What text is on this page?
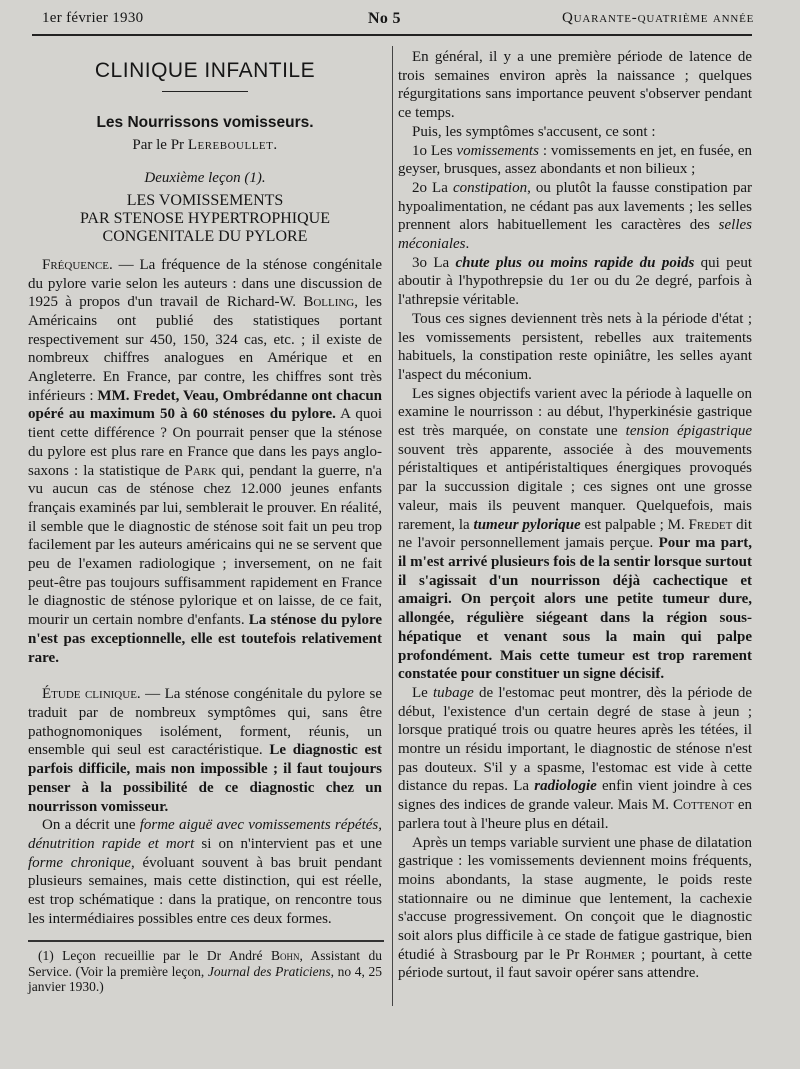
1er février 1930	No 5	Quarante-quatrième année
CLINIQUE INFANTILE
Les Nourrissons vomisseurs.
Par le Pr Lereboullet.
Deuxième leçon (1).
LES VOMISSEMENTS
PAR STENOSE HYPERTROPHIQUE
CONGENITALE DU PYLORE

Fréquence. — La fréquence de la sténose congénitale du pylore varie selon les auteurs : dans une discussion de 1925 à propos d'un travail de Richard-W. Bolling, les Américains ont publié des statistiques portant respectivement sur 450, 150, 324 cas, etc. ; il existe de nombreux chiffres analogues en Amérique et en Angleterre. En France, par contre, les chiffres sont très inférieurs : MM. Fredet, Veau, Ombrédanne ont chacun opéré au maximum 50 à 60 sténoses du pylore. A quoi tient cette différence ? On pourrait penser que la sténose du pylore est plus rare en France que dans les pays anglo-saxons : la statistique de Park qui, pendant la guerre, n'a vu aucun cas de sténose chez 12.000 jeunes enfants français examinés par lui, semblerait le prouver. En réalité, il semble que le diagnostic de sténose soit fait un peu trop facilement par les auteurs américains qui ne se servent que peu de l'examen radiologique ; inversement, on ne fait peut-être pas toujours suffisamment rapidement en France le diagnostic de sténose pylorique et on laisse, de ce fait, mourir un certain nombre d'enfants. La sténose du pylore n'est pas exceptionnelle, elle est toutefois relativement rare.

Étude clinique. — La sténose congénitale du pylore se traduit par de nombreux symptômes qui, sans être pathognomoniques isolément, forment, réunis, un ensemble qui seul est caractéristique. Le diagnostic est parfois difficile, mais non impossible ; il faut toujours penser à la possibilité de ce diagnostic chez un nourrisson vomisseur.

On a décrit une forme aiguë avec vomissements répétés, dénutrition rapide et mort si on n'intervient pas et une forme chronique, évoluant souvent à bas bruit pendant plusieurs semaines, mais cette distinction, qui est réelle, est trop schématique : dans la pratique, on rencontre tous les intermédiaires possibles entre ces deux formes.

(1) Leçon recueillie par le Dr André Bohn, Assistant du Service. (Voir la première leçon, Journal des Praticiens, no 4, 25 janvier 1930.)

En général, il y a une première période de latence de trois semaines environ après la naissance ; quelques régurgitations sans importance peuvent s'observer pendant ce temps.

Puis, les symptômes s'accusent, ce sont :

1o Les vomissements : vomissements en jet, en fusée, en geyser, brusques, assez abondants et non bilieux ;

2o La constipation, ou plutôt la fausse constipation par hypoalimentation, ne cédant pas aux lavements ; les selles prennent alors habituellement les caractères des selles méconiales.

3o La chute plus ou moins rapide du poids qui peut aboutir à l'hypothrepsie du 1er ou du 2e degré, parfois à l'athrepsie véritable.

Tous ces signes deviennent très nets à la période d'état ; les vomissements persistent, rebelles aux traitements habituels, la constipation reste opiniâtre, les selles ayant l'aspect du méconium.

Les signes objectifs varient avec la période à laquelle on examine le nourrisson : au début, l'hyperkinésie gastrique est très marquée, on constate une tension épigastrique souvent très apparente, associée à des mouvements péristaltiques et antipéristaltiques énergiques provoqués par la succussion digitale ; ces signes ont une grosse valeur, mais ils peuvent manquer. Quelquefois, mais rarement, la tumeur pylorique est palpable ; M. Fredet dit ne l'avoir personnellement jamais perçue. Pour ma part, il m'est arrivé plusieurs fois de la sentir lorsque surtout il s'agissait d'un nourrisson déjà cachectique et amaigri. On perçoit alors une petite tumeur dure, allongée, régulière siégeant dans la région sous-hépatique et venant sous la main qui palpe profondément. Mais cette tumeur est trop rarement constatée pour constituer un signe décisif.

Le tubage de l'estomac peut montrer, dès la période de début, l'existence d'un certain degré de stase à jeun ; lorsque pratiqué trois ou quatre heures après les tétées, il montre un résidu important, le diagnostic de sténose n'est pas douteux. S'il y a spasme, l'estomac est vide à cette distance du repas. La radiologie enfin vient joindre à ces signes des indices de grande valeur. Mais M. Cottenot en parlera tout à l'heure plus en détail.

Après un temps variable survient une phase de dilatation gastrique : les vomissements deviennent moins fréquents, moins abondants, la stase augmente, le poids reste stationnaire ou ne diminue que lentement, la cachexie s'accuse progressivement. On conçoit que le diagnostic soit alors plus difficile à ce stade de fatigue gastrique, bien étudié à Strasbourg par le Pr Rohmer ; pourtant, à cette période surtout, il faut savoir opérer sans attendre.
